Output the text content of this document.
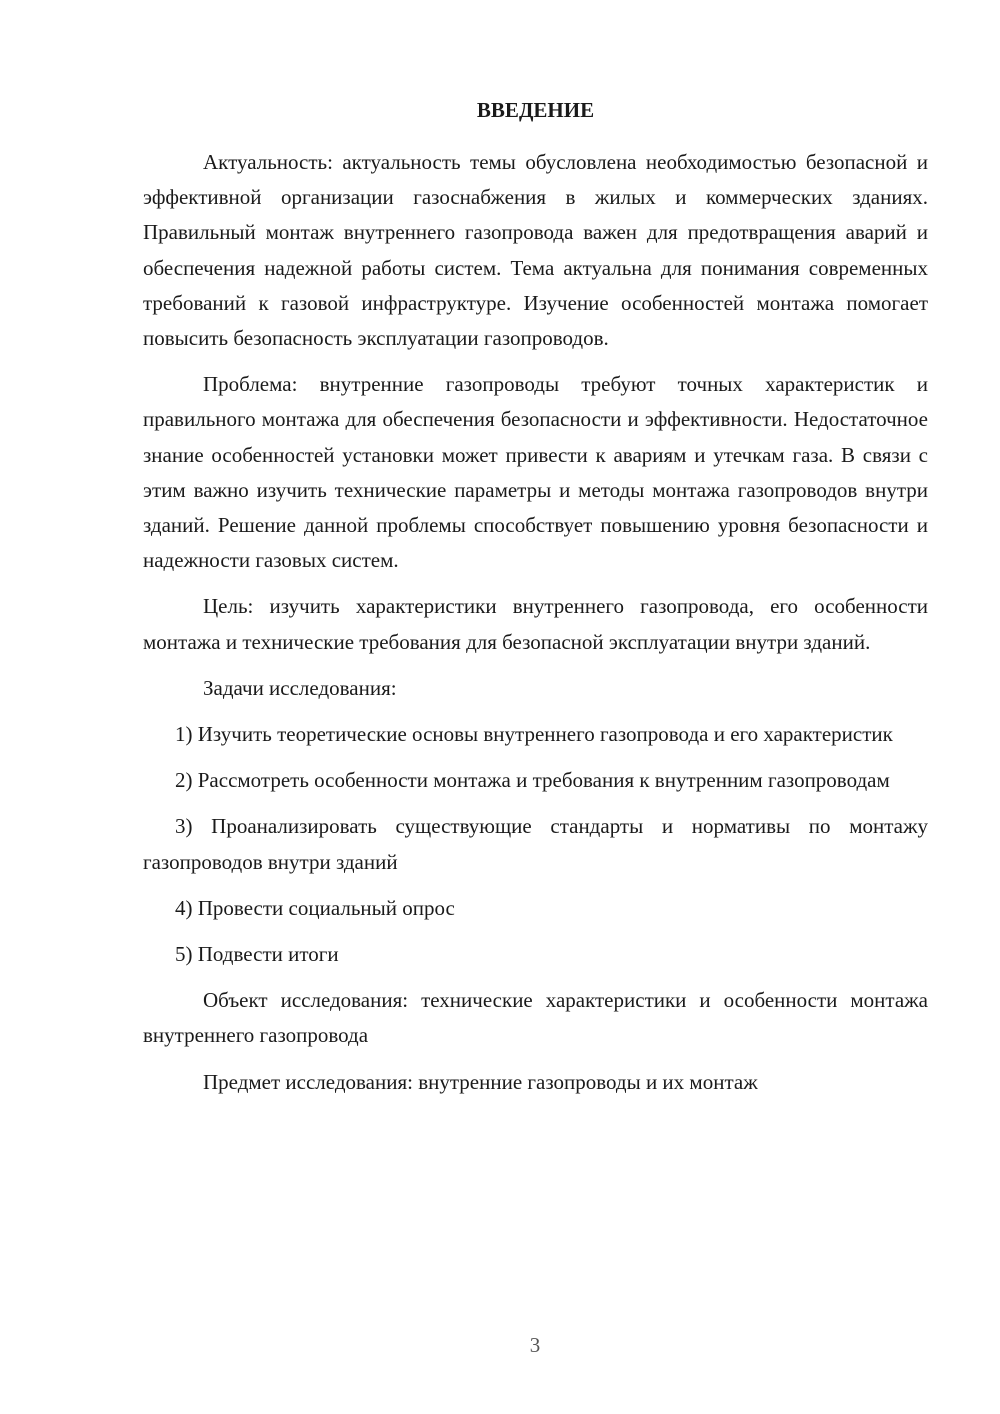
ВВЕДЕНИЕ

Актуальность: актуальность темы обусловлена необходимостью безопасной и эффективной организации газоснабжения в жилых и коммерческих зданиях. Правильный монтаж внутреннего газопровода важен для предотвращения аварий и обеспечения надежной работы систем. Тема актуальна для понимания современных требований к газовой инфраструктуре. Изучение особенностей монтажа помогает повысить безопасность эксплуатации газопроводов.

Проблема: внутренние газопроводы требуют точных характеристик и правильного монтажа для обеспечения безопасности и эффективности. Недостаточное знание особенностей установки может привести к авариям и утечкам газа. В связи с этим важно изучить технические параметры и методы монтажа газопроводов внутри зданий. Решение данной проблемы способствует повышению уровня безопасности и надежности газовых систем.

Цель: изучить характеристики внутреннего газопровода, его особенности монтажа и технические требования для безопасной эксплуатации внутри зданий.

Задачи исследования:

1) Изучить теоретические основы внутреннего газопровода и его характеристик

2) Рассмотреть особенности монтажа и требования к внутренним газопроводам

3) Проанализировать существующие стандарты и нормативы по монтажу газопроводов внутри зданий

4) Провести социальный опрос

5) Подвести итоги

Объект исследования: технические характеристики и особенности монтажа внутреннего газопровода

Предмет исследования: внутренние газопроводы и их монтаж

3
